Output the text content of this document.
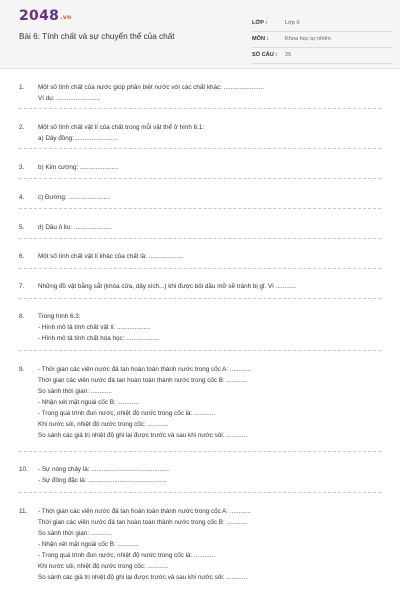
2048.vn
Bài 6: Tính chất và sự chuyển thể của chất
LỚP :	Lớp 6
MÔN :	Khoa học tự nhiên
SỐ CÂU : 25
1.	Một số tính chất của nước giúp phân biệt nước với các chất khác: .......................
Ví dụ: .........................
2.	Một số tính chất vật lí của chất trong mỗi vật thể ở hình 6.1:
a) Dây đồng: ........................
3.	b) Kim cương: ......................
4.	c) Đường: ........................
5.	d) Dầu ô liu: ......................
6.	Một số tính chất vật lí khác của chất là: ....................
7.	Những đồ vật bằng sắt (khóa cửa, dây xích...) khi được bôi dầu mỡ sẽ tránh bị gỉ. Vì ............
8.	Trong hình 6.3:
- Hình mô tả tính chất vật lí: ...................
- Hình mô tả tính chất hóa học: ...................
9.	- Thời gian các viên nước đá tan hoàn toàn thành nước trong cốc A: ............
Thời gian các viên nước đá tan hoàn toàn thành nước trong cốc B: ............
So sánh thời gian: ............
- Nhận xét mặt ngoài cốc B: ............
- Trong quá trình đun nước, nhiệt độ nước trong cốc là: ............
Khi nước sôi, nhiệt độ nước trong cốc: ............
So sánh các giá trị nhiệt độ ghi lại được trước và sau khi nước sôi: ............
10.	- Sự nóng chảy là: .............................................
- Sự đông đặc là: .............................................
11.	- Thời gian các viên nước đá tan hoàn toàn thành nước trong cốc A: ............
Thời gian các viên nước đá tan hoàn toàn thành nước trong cốc B: ............
So sánh thời gian: ............
- Nhận xét mặt ngoài cốc B: ............
- Trong quá trình đun nước, nhiệt độ nước trong cốc là: ............
Khi nước sôi, nhiệt độ nước trong cốc: ............
So sánh các giá trị nhiệt độ ghi lại được trước và sau khi nước sôi: ............
